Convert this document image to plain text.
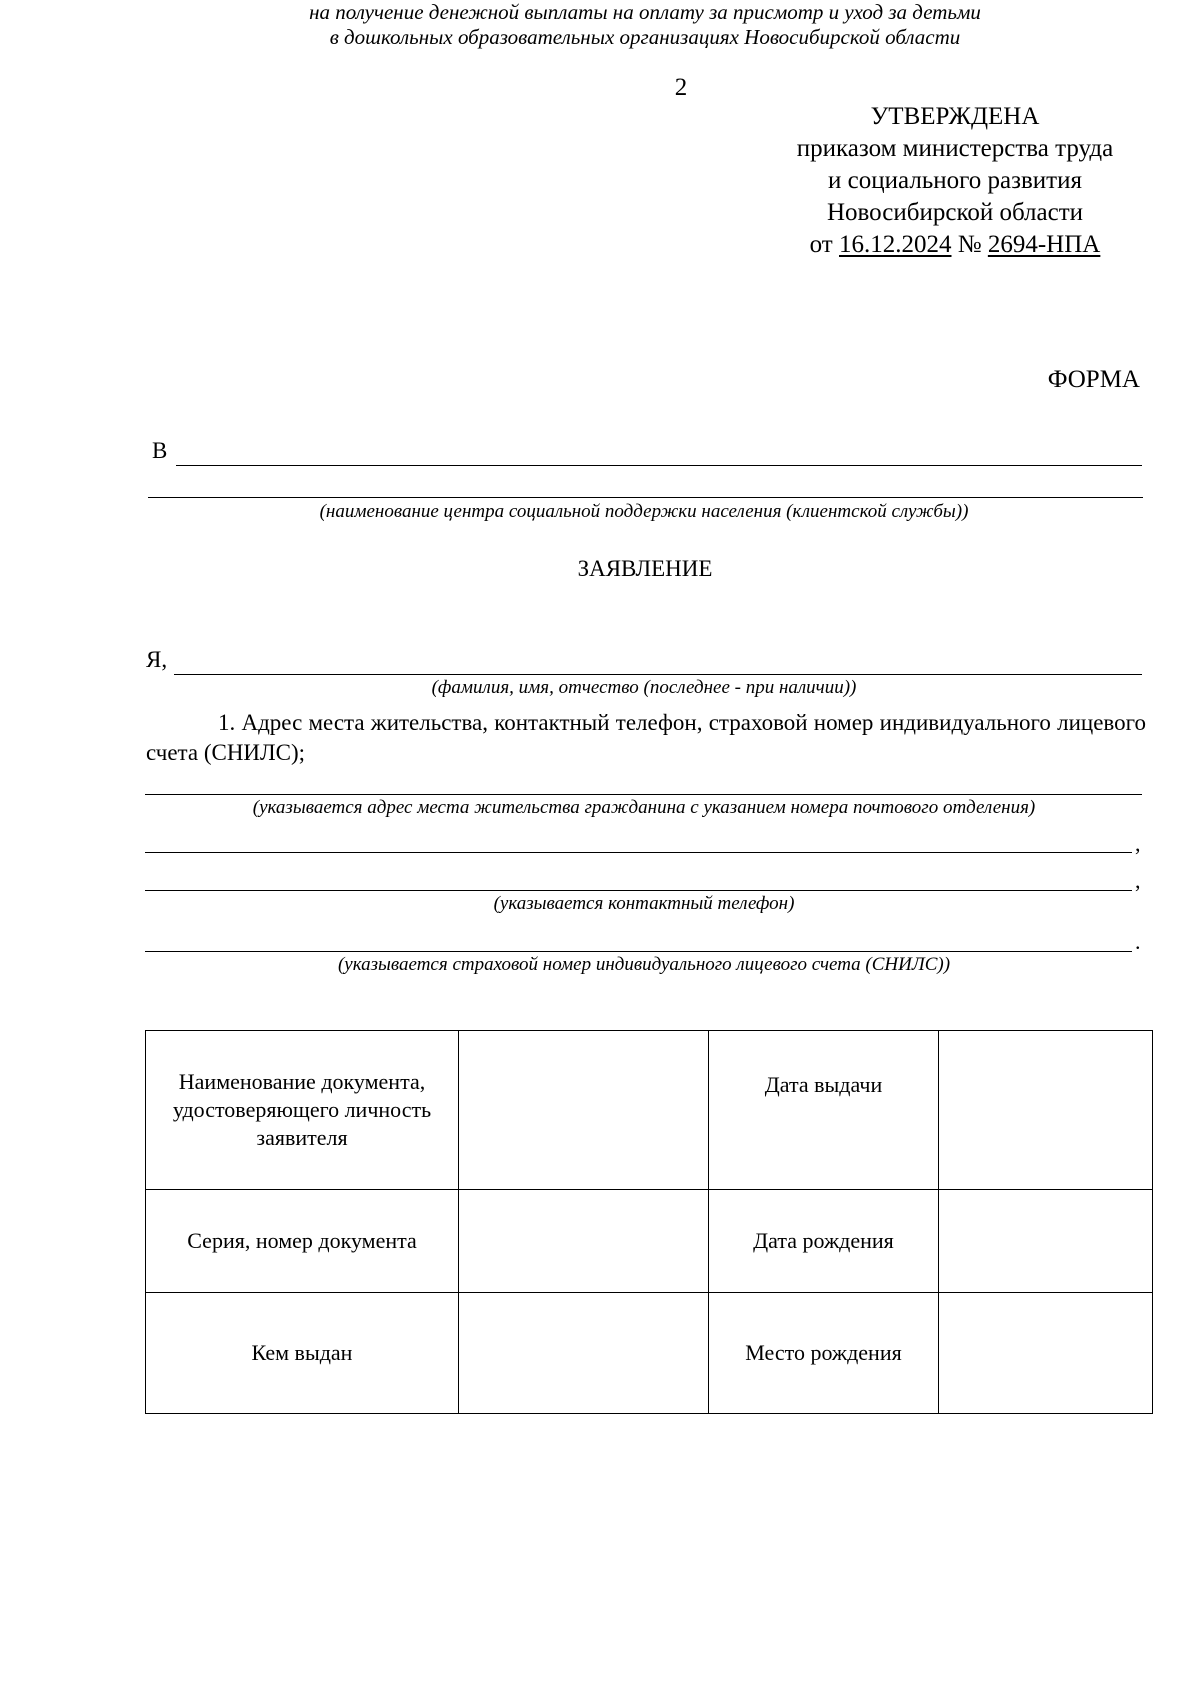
2
УТВЕРЖДЕНА
приказом министерства труда
и социального развития
Новосибирской области
от 16.12.2024 № 2694-НПА
ФОРМА
В
(наименование центра социальной поддержки населения (клиентской службы))
ЗАЯВЛЕНИЕ
на получение денежной выплаты на оплату за присмотр и уход за детьми
в дошкольных образовательных организациях Новосибирской области
Я,
(фамилия, имя, отчество (последнее - при наличии))
1. Адрес места жительства, контактный телефон, страховой номер индивидуального лицевого счета (СНИЛС);
(указывается адрес места жительства гражданина с указанием номера почтового отделения)
,
,
(указывается контактный телефон)
.
(указывается страховой номер индивидуального лицевого счета (СНИЛС))
Наименование документа, удостоверяющего личность заявителя		Дата выдачи	
Серия, номер документа		Дата рождения	
Кем выдан		Место рождения	
